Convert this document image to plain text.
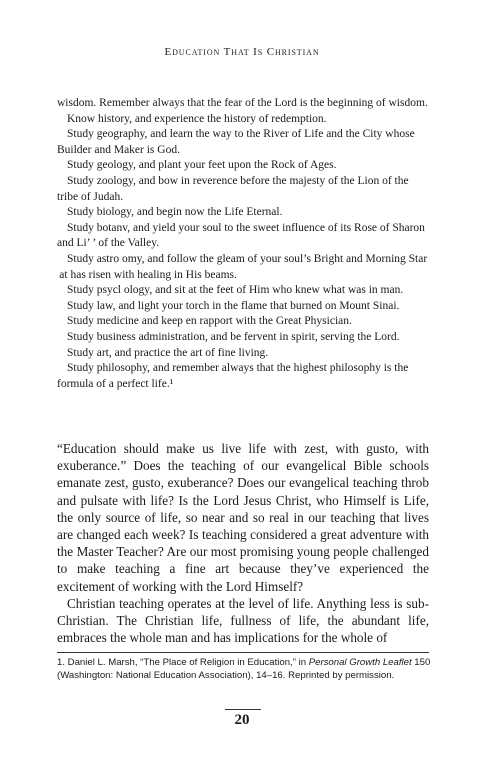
Education That Is Christian

wisdom. Remember always that the fear of the Lord is the beginning of wisdom.

Know history, and experience the history of redemption.

Study geography, and learn the way to the River of Life and the City whose Builder and Maker is God.

Study geology, and plant your feet upon the Rock of Ages.

Study zoology, and bow in reverence before the majesty of the Lion of the tribe of Judah.

Study biology, and begin now the Life Eternal.

Study botanv, and yield your soul to the sweet influence of its Rose of Sharon and Li’ ’ of the Valley.

Study astro omy, and follow the gleam of your soul’s Bright and Morning Star  at has risen with healing in His beams.

Study psycl ology, and sit at the feet of Him who knew what was in man.

Study law, and light your torch in the flame that burned on Mount Sinai.

Study medicine and keep en rapport with the Great Physician.

Study business administration, and be fervent in spirit, serving the Lord.

Study art, and practice the art of fine living.

Study philosophy, and remember always that the highest philosophy is the formula of a perfect life.¹

“Education should make us live life with zest, with gusto, with exuberance.” Does the teaching of our evangelical Bible schools emanate zest, gusto, exuberance? Does our evangelical teaching throb and pulsate with life? Is the Lord Jesus Christ, who Himself is Life, the only source of life, so near and so real in our teaching that lives are changed each week? Is teaching considered a great adventure with the Master Teacher? Are our most promising young people challenged to make teaching a fine art because they’ve experienced the excitement of working with the Lord Himself?

Christian teaching operates at the level of life. Anything less is sub-Christian. The Christian life, fullness of life, the abundant life, embraces the whole man and has implications for the whole of

1. Daniel L. Marsh, “The Place of Religion in Education,” in Personal Growth Leaflet 150 (Washington: National Education Association), 14–16. Reprinted by permission.
20
